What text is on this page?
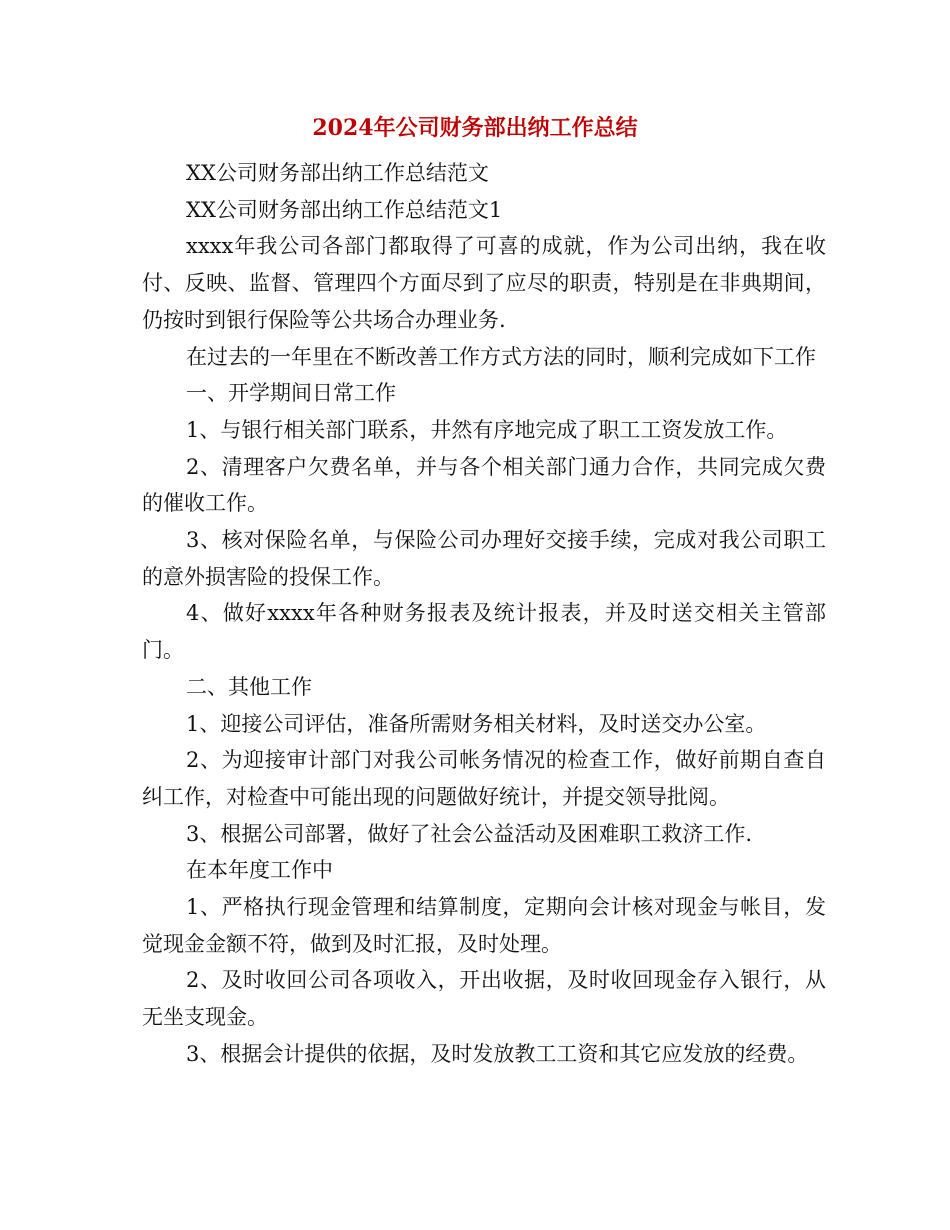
2024年公司财务部出纳工作总结

XX公司财务部出纳工作总结范文

XX公司财务部出纳工作总结范文1

xxxx年我公司各部门都取得了可喜的成就，作为公司出纳，我在收付、反映、监督、管理四个方面尽到了应尽的职责，特别是在非典期间，仍按时到银行保险等公共场合办理业务.

在过去的一年里在不断改善工作方式方法的同时，顺利完成如下工作

一、开学期间日常工作

1、与银行相关部门联系，井然有序地完成了职工工资发放工作。

2、清理客户欠费名单，并与各个相关部门通力合作，共同完成欠费的催收工作。

3、核对保险名单，与保险公司办理好交接手续，完成对我公司职工的意外损害险的投保工作。

4、做好xxxx年各种财务报表及统计报表，并及时送交相关主管部门。

二、其他工作

1、迎接公司评估，准备所需财务相关材料，及时送交办公室。

2、为迎接审计部门对我公司帐务情况的检查工作，做好前期自查自纠工作，对检查中可能出现的问题做好统计，并提交领导批阅。

3、根据公司部署，做好了社会公益活动及困难职工救济工作.

在本年度工作中

1、严格执行现金管理和结算制度，定期向会计核对现金与帐目，发觉现金金额不符，做到及时汇报，及时处理。

2、及时收回公司各项收入，开出收据，及时收回现金存入银行，从无坐支现金。

3、根据会计提供的依据，及时发放教工工资和其它应发放的经费。
